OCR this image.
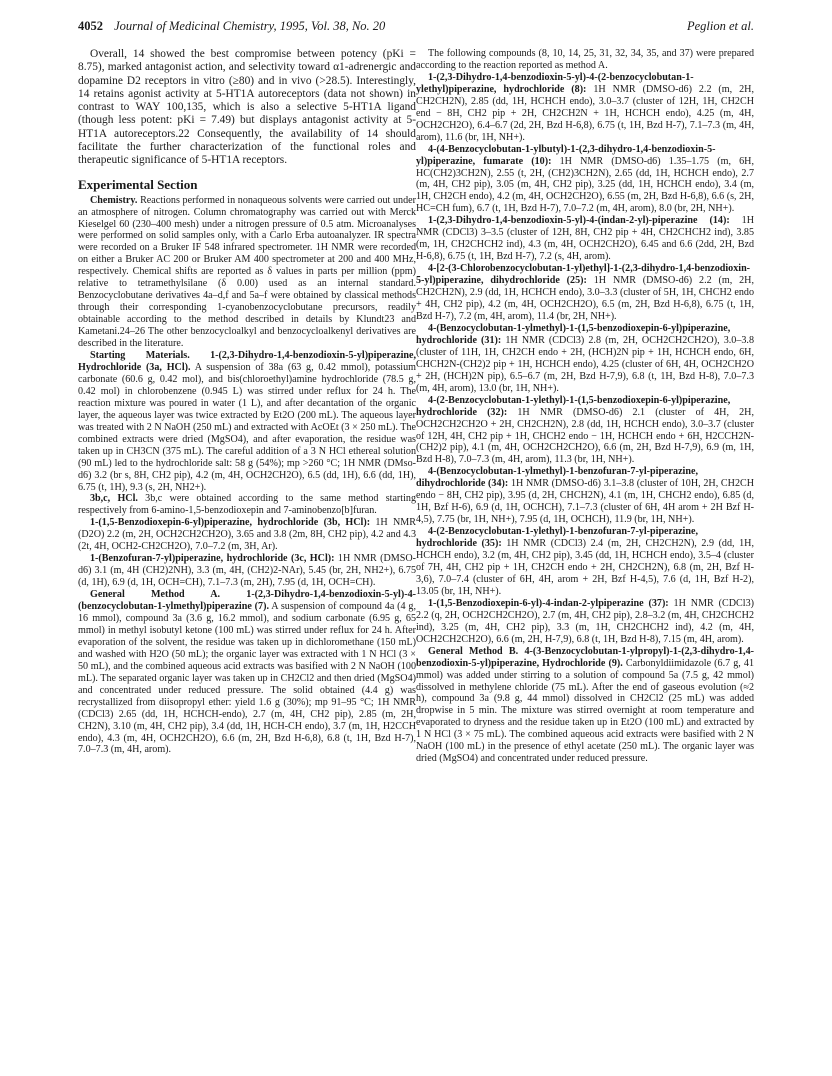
4052 Journal of Medicinal Chemistry, 1995, Vol. 38, No. 20	Peglion et al.

Overall, 14 showed the best compromise between potency (pKi = 8.75), marked antagonist action, and selectivity toward α1-adrenergic and dopamine D2 receptors in vitro (≥80) and in vivo (>28.5). Interestingly, 14 retains agonist activity at 5-HT1A autoreceptors (data not shown) in contrast to WAY 100,135, which is also a selective 5-HT1A ligand (though less potent: pKi = 7.49) but displays antagonist activity at 5-HT1A autoreceptors.22 Consequently, the availability of 14 should facilitate the further characterization of the functional roles and therapeutic significance of 5-HT1A receptors.

Experimental Section

Chemistry. Reactions performed in nonaqueous solvents were carried out under an atmosphere of nitrogen. Column chromatography was carried out with Merck Kieselgel 60 (230–400 mesh) under a nitrogen pressure of 0.5 atm. Microanalyses were performed on solid samples only, with a Carlo Erba autoanalyzer. IR spectra were recorded on a Bruker IF 548 infrared spectrometer. 1H NMR were recorded on either a Bruker AC 200 or Bruker AM 400 spectrometer at 200 and 400 MHz, respectively. Chemical shifts are reported as δ values in parts per million (ppm) relative to tetramethylsilane (δ 0.00) used as an internal standard. Benzocyclobutane derivatives 4a–d,f and 5a–f were obtained by classical methods through their corresponding 1-cyanobenzocyclobutane precursors, readily obtainable according to the method described in details by Klundt23 and Kametani.24–26 The other benzocycloalkyl and benzocycloalkenyl derivatives are described in the literature.

Starting Materials. 1-(2,3-Dihydro-1,4-benzodioxin-5-yl)piperazine, Hydrochloride (3a, HCl). A suspension of 38a (63 g, 0.42 mmol), potassium carbonate (60.6 g, 0.42 mol), and bis(chloroethyl)amine hydrochloride (78.5 g, 0.42 mol) in chlorobenzene (0.945 L) was stirred under reflux for 24 h. The reaction mixture was poured in water (1 L), and after decantation of the organic layer, the aqueous layer was twice extracted by Et2O (200 mL). The aqueous layer was treated with 2 N NaOH (250 mL) and extracted with AcOEt (3 × 250 mL). The combined extracts were dried (MgSO4), and after evaporation, the residue was taken up in CH3CN (375 mL). The careful addition of a 3 N HCl ethereal solution (90 mL) led to the hydrochloride salt: 58 g (54%); mp >260 °C; 1H NMR (DMso-d6) 3.2 (br s, 8H, CH2 pip), 4.2 (m, 4H, OCH2CH2O), 6.5 (dd, 1H), 6.6 (dd, 1H), 6.75 (t, 1H), 9.3 (s, 2H, NH2+).

3b,c, HCl. 3b,c were obtained according to the same method starting respectively from 6-amino-1,5-benzodioxepin and 7-aminobenzo[b]furan.

1-(1,5-Benzodioxepin-6-yl)piperazine, hydrochloride (3b, HCl): 1H NMR (D2O) 2.2 (m, 2H, OCH2CH2CH2O), 3.65 and 3.8 (2m, 8H, CH2 pip), 4.2 and 4.3 (2t, 4H, OCH2-CH2CH2O), 7.0–7.2 (m, 3H, Ar).

1-(Benzofuran-7-yl)piperazine, hydrochloride (3c, HCl): 1H NMR (DMSO-d6) 3.1 (m, 4H (CH2)2NH), 3.3 (m, 4H, (CH2)2-NAr), 5.45 (br, 2H, NH2+), 6.75 (d, 1H), 6.9 (d, 1H, OCH=CH), 7.1–7.3 (m, 2H), 7.95 (d, 1H, OCH=CH).

General Method A. 1-(2,3-Dihydro-1,4-benzodioxin-5-yl)-4-(benzocyclobutan-1-ylmethyl)piperazine (7). A suspension of compound 4a (4 g, 16 mmol), compound 3a (3.6 g, 16.2 mmol), and sodium carbonate (6.95 g, 65 mmol) in methyl isobutyl ketone (100 mL) was stirred under reflux for 24 h. After evaporation of the solvent, the residue was taken up in dichloromethane (150 mL) and washed with H2O (50 mL); the organic layer was extracted with 1 N HCl (3 × 50 mL), and the combined aqueous acid extracts was basified with 2 N NaOH (100 mL). The separated organic layer was taken up in CH2Cl2 and then dried (MgSO4) and concentrated under reduced pressure. The solid obtained (4.4 g) was recrystallized from diisopropyl ether: yield 1.6 g (30%); mp 91–95 °C; 1H NMR (CDCl3) 2.65 (dd, 1H, HCHCH-endo), 2.7 (m, 4H, CH2 pip), 2.85 (m, 2H, CH2N), 3.10 (m, 4H, CH2 pip), 3.4 (dd, 1H, HCH-CH endo), 3.7 (m, 1H, H2CCH endo), 4.3 (m, 4H, OCH2CH2O), 6.6 (m, 2H, Bzd H-6,8), 6.8 (t, 1H, Bzd H-7), 7.0–7.3 (m, 4H, arom).

The following compounds (8, 10, 14, 25, 31, 32, 34, 35, and 37) were prepared according to the reaction reported as method A.

1-(2,3-Dihydro-1,4-benzodioxin-5-yl)-4-(2-benzocyclobutan-1-ylethyl)piperazine, hydrochloride (8): 1H NMR (DMSO-d6) 2.2 (m, 2H, CH2CH2N), 2.85 (dd, 1H, HCHCH endo), 3.0–3.7 (cluster of 12H, 1H, CH2CH end − 8H, CH2 pip + 2H, CH2CH2N + 1H, HCHCH endo), 4.25 (m, 4H, OCH2CH2O), 6.4–6.7 (2d, 2H, Bzd H-6,8), 6.75 (t, 1H, Bzd H-7), 7.1–7.3 (m, 4H, arom), 11.6 (br, 1H, NH+).

4-(4-Benzocyclobutan-1-ylbutyl)-1-(2,3-dihydro-1,4-benzodioxin-5-yl)piperazine, fumarate (10): 1H NMR (DMSO-d6) 1.35–1.75 (m, 6H, HC(CH2)3CH2N), 2.55 (t, 2H, (CH2)3CH2N), 2.65 (dd, 1H, HCHCH endo), 2.7 (m, 4H, CH2 pip), 3.05 (m, 4H, CH2 pip), 3.25 (dd, 1H, HCHCH endo), 3.4 (m, 1H, CH2CH endo), 4.2 (m, 4H, OCH2CH2O), 6.55 (m, 2H, Bzd H-6,8), 6.6 (s, 2H, HC=CH fum), 6.7 (t, 1H, Bzd H-7), 7.0–7.2 (m, 4H, arom), 8.0 (br, 2H, NH+).

1-(2,3-Dihydro-1,4-benzodioxin-5-yl)-4-(indan-2-yl)-piperazine (14): 1H NMR (CDCl3) 3–3.5 (cluster of 12H, 8H, CH2 pip + 4H, CH2CHCH2 ind), 3.85 (m, 1H, CH2CHCH2 ind), 4.3 (m, 4H, OCH2CH2O), 6.45 and 6.6 (2dd, 2H, Bzd H-6,8), 6.75 (t, 1H, Bzd H-7), 7.2 (s, 4H, arom).

4-[2-(3-Chlorobenzocyclobutan-1-yl)ethyl]-1-(2,3-dihydro-1,4-benzodioxin-5-yl)piperazine, dihydrochloride (25): 1H NMR (DMSO-d6) 2.2 (m, 2H, CH2CH2N), 2.9 (dd, 1H, HCHCH endo), 3.0–3.3 (cluster of 5H, 1H, CHCH2 endo + 4H, CH2 pip), 4.2 (m, 4H, OCH2CH2O), 6.5 (m, 2H, Bzd H-6,8), 6.75 (t, 1H, Bzd H-7), 7.2 (m, 4H, arom), 11.4 (br, 2H, NH+).

4-(Benzocyclobutan-1-ylmethyl)-1-(1,5-benzodioxepin-6-yl)piperazine, hydrochloride (31): 1H NMR (CDCl3) 2.8 (m, 2H, OCH2CH2CH2O), 3.0–3.8 (cluster of 11H, 1H, CH2CH endo + 2H, (HCH)2N pip + 1H, HCHCH endo, 6H, CHCH2N-(CH2)2 pip + 1H, HCHCH endo), 4.25 (cluster of 6H, 4H, OCH2CH2O + 2H, (HCH)2N pip), 6.5–6.7 (m, 2H, Bzd H-7,9), 6.8 (t, 1H, Bzd H-8), 7.0–7.3 (m, 4H, arom), 13.0 (br, 1H, NH+).

4-(2-Benzocyclobutan-1-ylethyl)-1-(1,5-benzodioxepin-6-yl)piperazine, hydrochloride (32): 1H NMR (DMSO-d6) 2.1 (cluster of 4H, 2H, OCH2CH2CH2O + 2H, CH2CH2N), 2.8 (dd, 1H, HCHCH endo), 3.0–3.7 (cluster of 12H, 4H, CH2 pip + 1H, CHCH2 endo − 1H, HCHCH endo + 6H, H2CCH2N-(CH2)2 pip), 4.1 (m, 4H, OCH2CH2CH2O), 6.6 (m, 2H, Bzd H-7,9), 6.9 (m, 1H, Bzd H-8), 7.0–7.3 (m, 4H, arom), 11.3 (br, 1H, NH+).

4-(Benzocyclobutan-1-ylmethyl)-1-benzofuran-7-yl-piperazine, dihydrochloride (34): 1H NMR (DMSO-d6) 3.1–3.8 (cluster of 10H, 2H, CH2CH endo − 8H, CH2 pip), 3.95 (d, 2H, CHCH2N), 4.1 (m, 1H, CHCH2 endo), 6.85 (d, 1H, Bzf H-6), 6.9 (d, 1H, OCHCH), 7.1–7.3 (cluster of 6H, 4H arom + 2H Bzf H-4,5), 7.75 (br, 1H, NH+), 7.95 (d, 1H, OCHCH), 11.9 (br, 1H, NH+).

4-(2-Benzocyclobutan-1-ylethyl)-1-benzofuran-7-yl-piperazine, hydrochloride (35): 1H NMR (CDCl3) 2.4 (m, 2H, CH2CH2N), 2.9 (dd, 1H, HCHCH endo), 3.2 (m, 4H, CH2 pip), 3.45 (dd, 1H, HCHCH endo), 3.5–4 (cluster of 7H, 4H, CH2 pip + 1H, CH2CH endo + 2H, CH2CH2N), 6.8 (m, 2H, Bzf H-3,6), 7.0–7.4 (cluster of 6H, 4H, arom + 2H, Bzf H-4,5), 7.6 (d, 1H, Bzf H-2), 13.05 (br, 1H, NH+).

1-(1,5-Benzodioxepin-6-yl)-4-indan-2-ylpiperazine (37): 1H NMR (CDCl3) 2.2 (q, 2H, OCH2CH2CH2O), 2.7 (m, 4H, CH2 pip), 2.8–3.2 (m, 4H, CH2CHCH2 ind), 3.25 (m, 4H, CH2 pip), 3.3 (m, 1H, CH2CHCH2 ind), 4.2 (m, 4H, OCH2CH2CH2O), 6.6 (m, 2H, H-7,9), 6.8 (t, 1H, Bzd H-8), 7.15 (m, 4H, arom).

General Method B. 4-(3-Benzocyclobutan-1-ylpropyl)-1-(2,3-dihydro-1,4-benzodioxin-5-yl)piperazine, Hydrochloride (9). Carbonyldiimidazole (6.7 g, 41 mmol) was added under stirring to a solution of compound 5a (7.5 g, 42 mmol) dissolved in methylene chloride (75 mL). After the end of gaseous evolution (≈2 h), compound 3a (9.8 g, 44 mmol) dissolved in CH2Cl2 (25 mL) was added dropwise in 5 min. The mixture was stirred overnight at room temperature and evaporated to dryness and the residue taken up in Et2O (100 mL) and extracted by 1 N HCl (3 × 75 mL). The combined aqueous acid extracts were basified with 2 N NaOH (100 mL) in the presence of ethyl acetate (250 mL). The organic layer was dried (MgSO4) and concentrated under reduced pressure.
